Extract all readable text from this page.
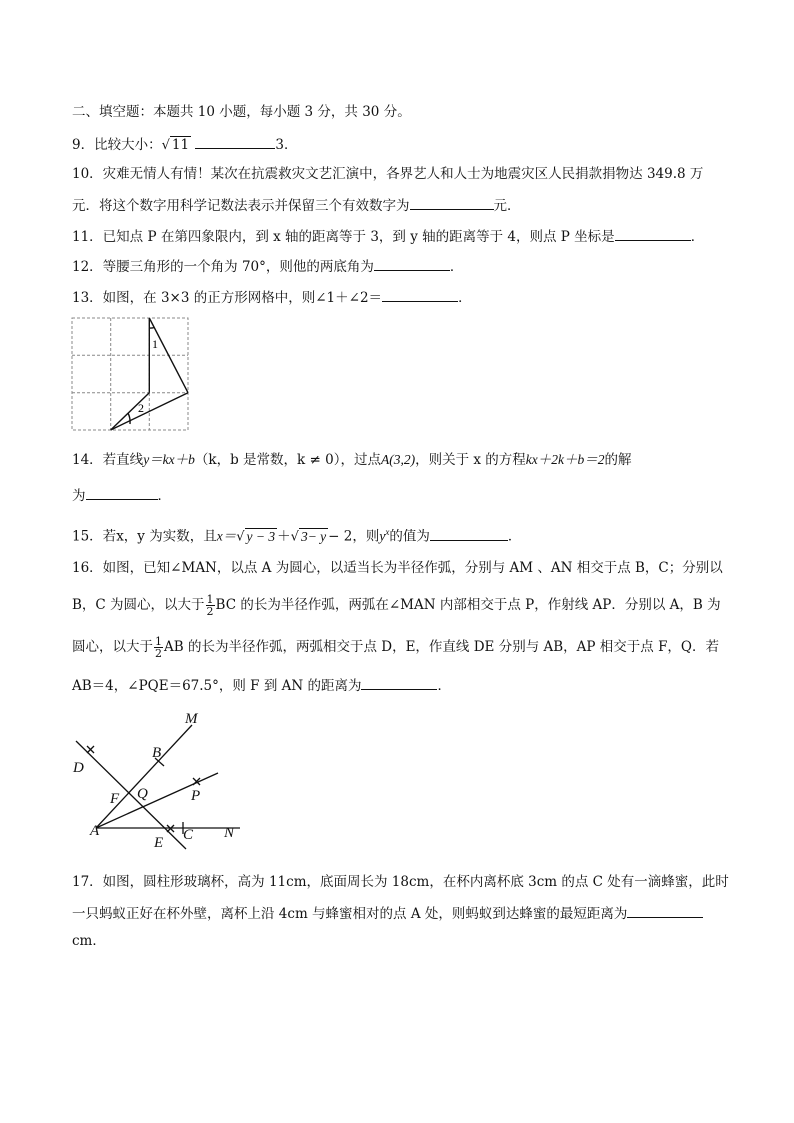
二、填空题：本题共 10 小题，每小题 3 分，共 30 分。
9．比较大小：√ 11	3．
10．灾难无情人有情！某次在抗震救灾文艺汇演中，各界艺人和人士为地震灾区人民捐款捐物达 349.8 万
元．将这个数字用科学记数法表示并保留三个有效数字为	元．
11．已知点 P 在第四象限内，到 x 轴的距离等于 3，到 y 轴的距离等于 4，则点 P 坐标是	．
12．等腰三角形的一个角为 70°，则他的两底角为	．
13．如图，在 3×3 的正方形网格中，则∠1＋∠2＝	．
1
2
14．若直线y＝kx＋b（k，b 是常数，k ≠ 0），过点A(3,2)，则关于 x 的方程kx＋2k＋b＝2的解
为	．
15．若x，y 为实数，且x＝√ y − 3 ＋√ 3− y − 2，则$y^x$的值为	．
16．如图，已知∠MAN，以点 A 为圆心，以适当长为半径作弧，分别与 AM 、AN 相交于点 B，C；分别以
B，C 为圆心，以大于 $\frac{1}{2}$ BC 的长为半径作弧，两弧在∠MAN 内部相交于点 P，作射线 AP．分别以 A，B 为
圆心，以大于 $\frac{1}{2}$ AB 的长为半径作弧，两弧相交于点 D，E，作直线 DE 分别与 AB，AP 相交于点 F，Q．若
AB＝4，∠PQE＝67.5°，则 F 到 AN 的距离为	．
M
B
D
F Q	P
A
E C N
17．如图，圆柱形玻璃杯，高为 11cm，底面周长为 18cm，在杯内离杯底 3cm 的点 C 处有一滴蜂蜜，此时
一只蚂蚁正好在杯外壁，离杯上沿 4cm 与蜂蜜相对的点 A 处，则蚂蚁到达蜂蜜的最短距离为
cm．
